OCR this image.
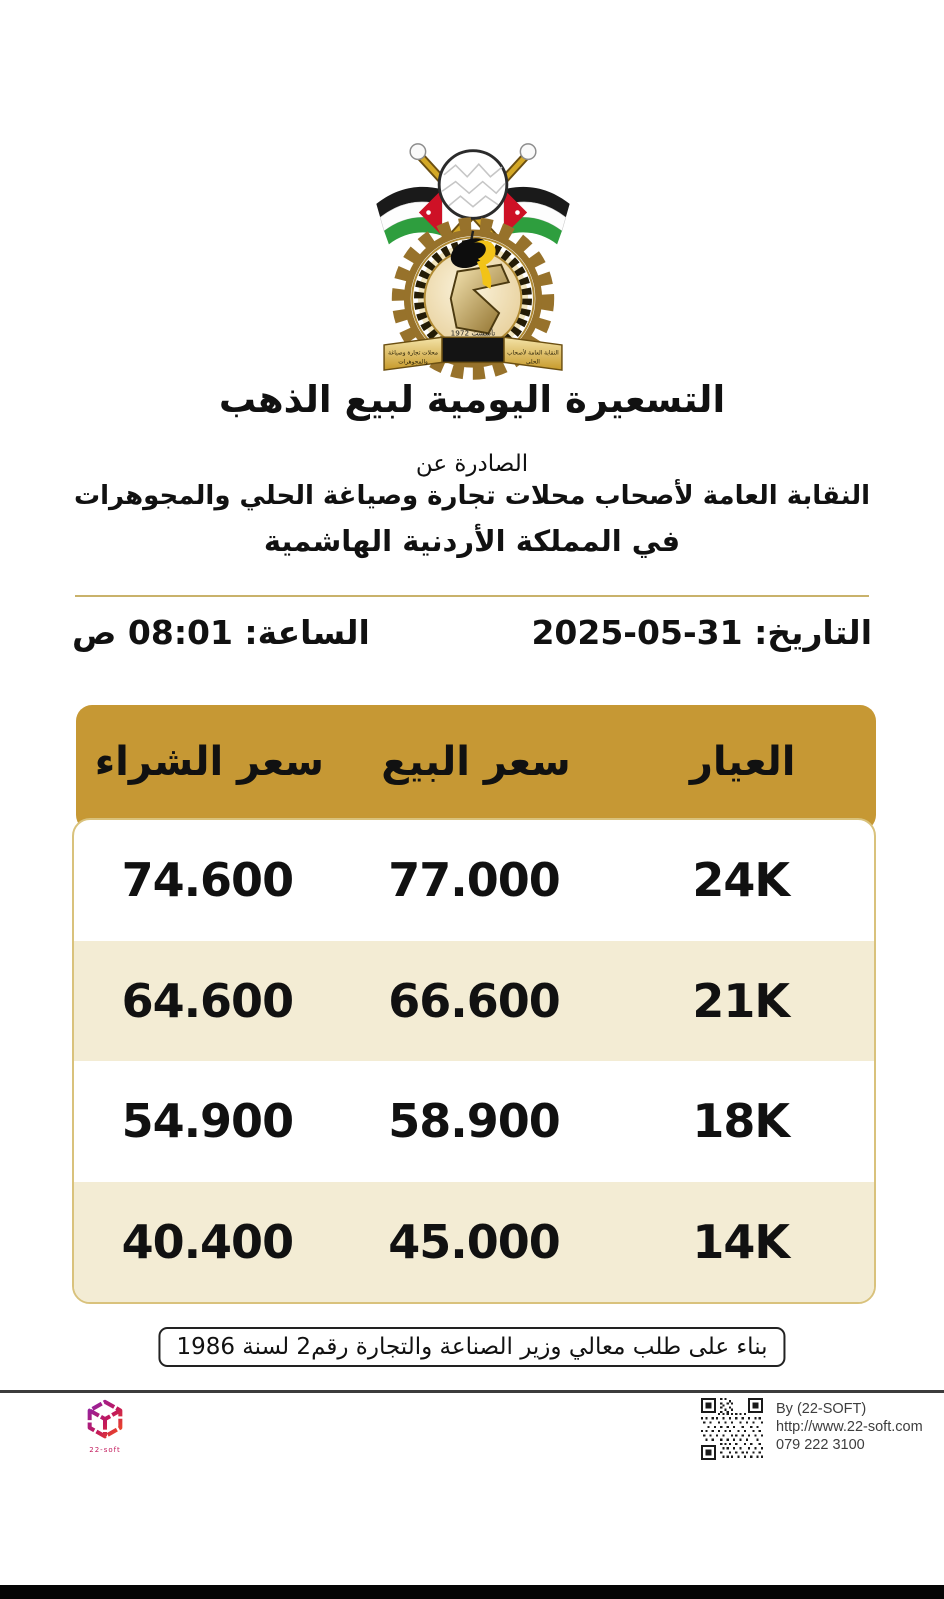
تأسست 1972
النقابة العامة لأصحاب
الحلي
محلات تجارة وصياغة
والمجوهرات
التسعيرة اليومية لبيع الذهب
الصادرة عن
النقابة العامة لأصحاب محلات تجارة وصياغة الحلي والمجوهرات
في المملكة الأردنية الهاشمية
التاريخ: 31-05-2025
الساعة: 08:01 ص
العيار
سعر البيع
سعر الشراء
24K
77.000
74.600
21K
66.600
64.600
18K
58.900
54.900
14K
45.000
40.400
بناء على طلب معالي وزير الصناعة والتجارة رقم2 لسنة 1986
By (22-SOFT)
http://www.22-soft.com
079 222 3100
22-soft
